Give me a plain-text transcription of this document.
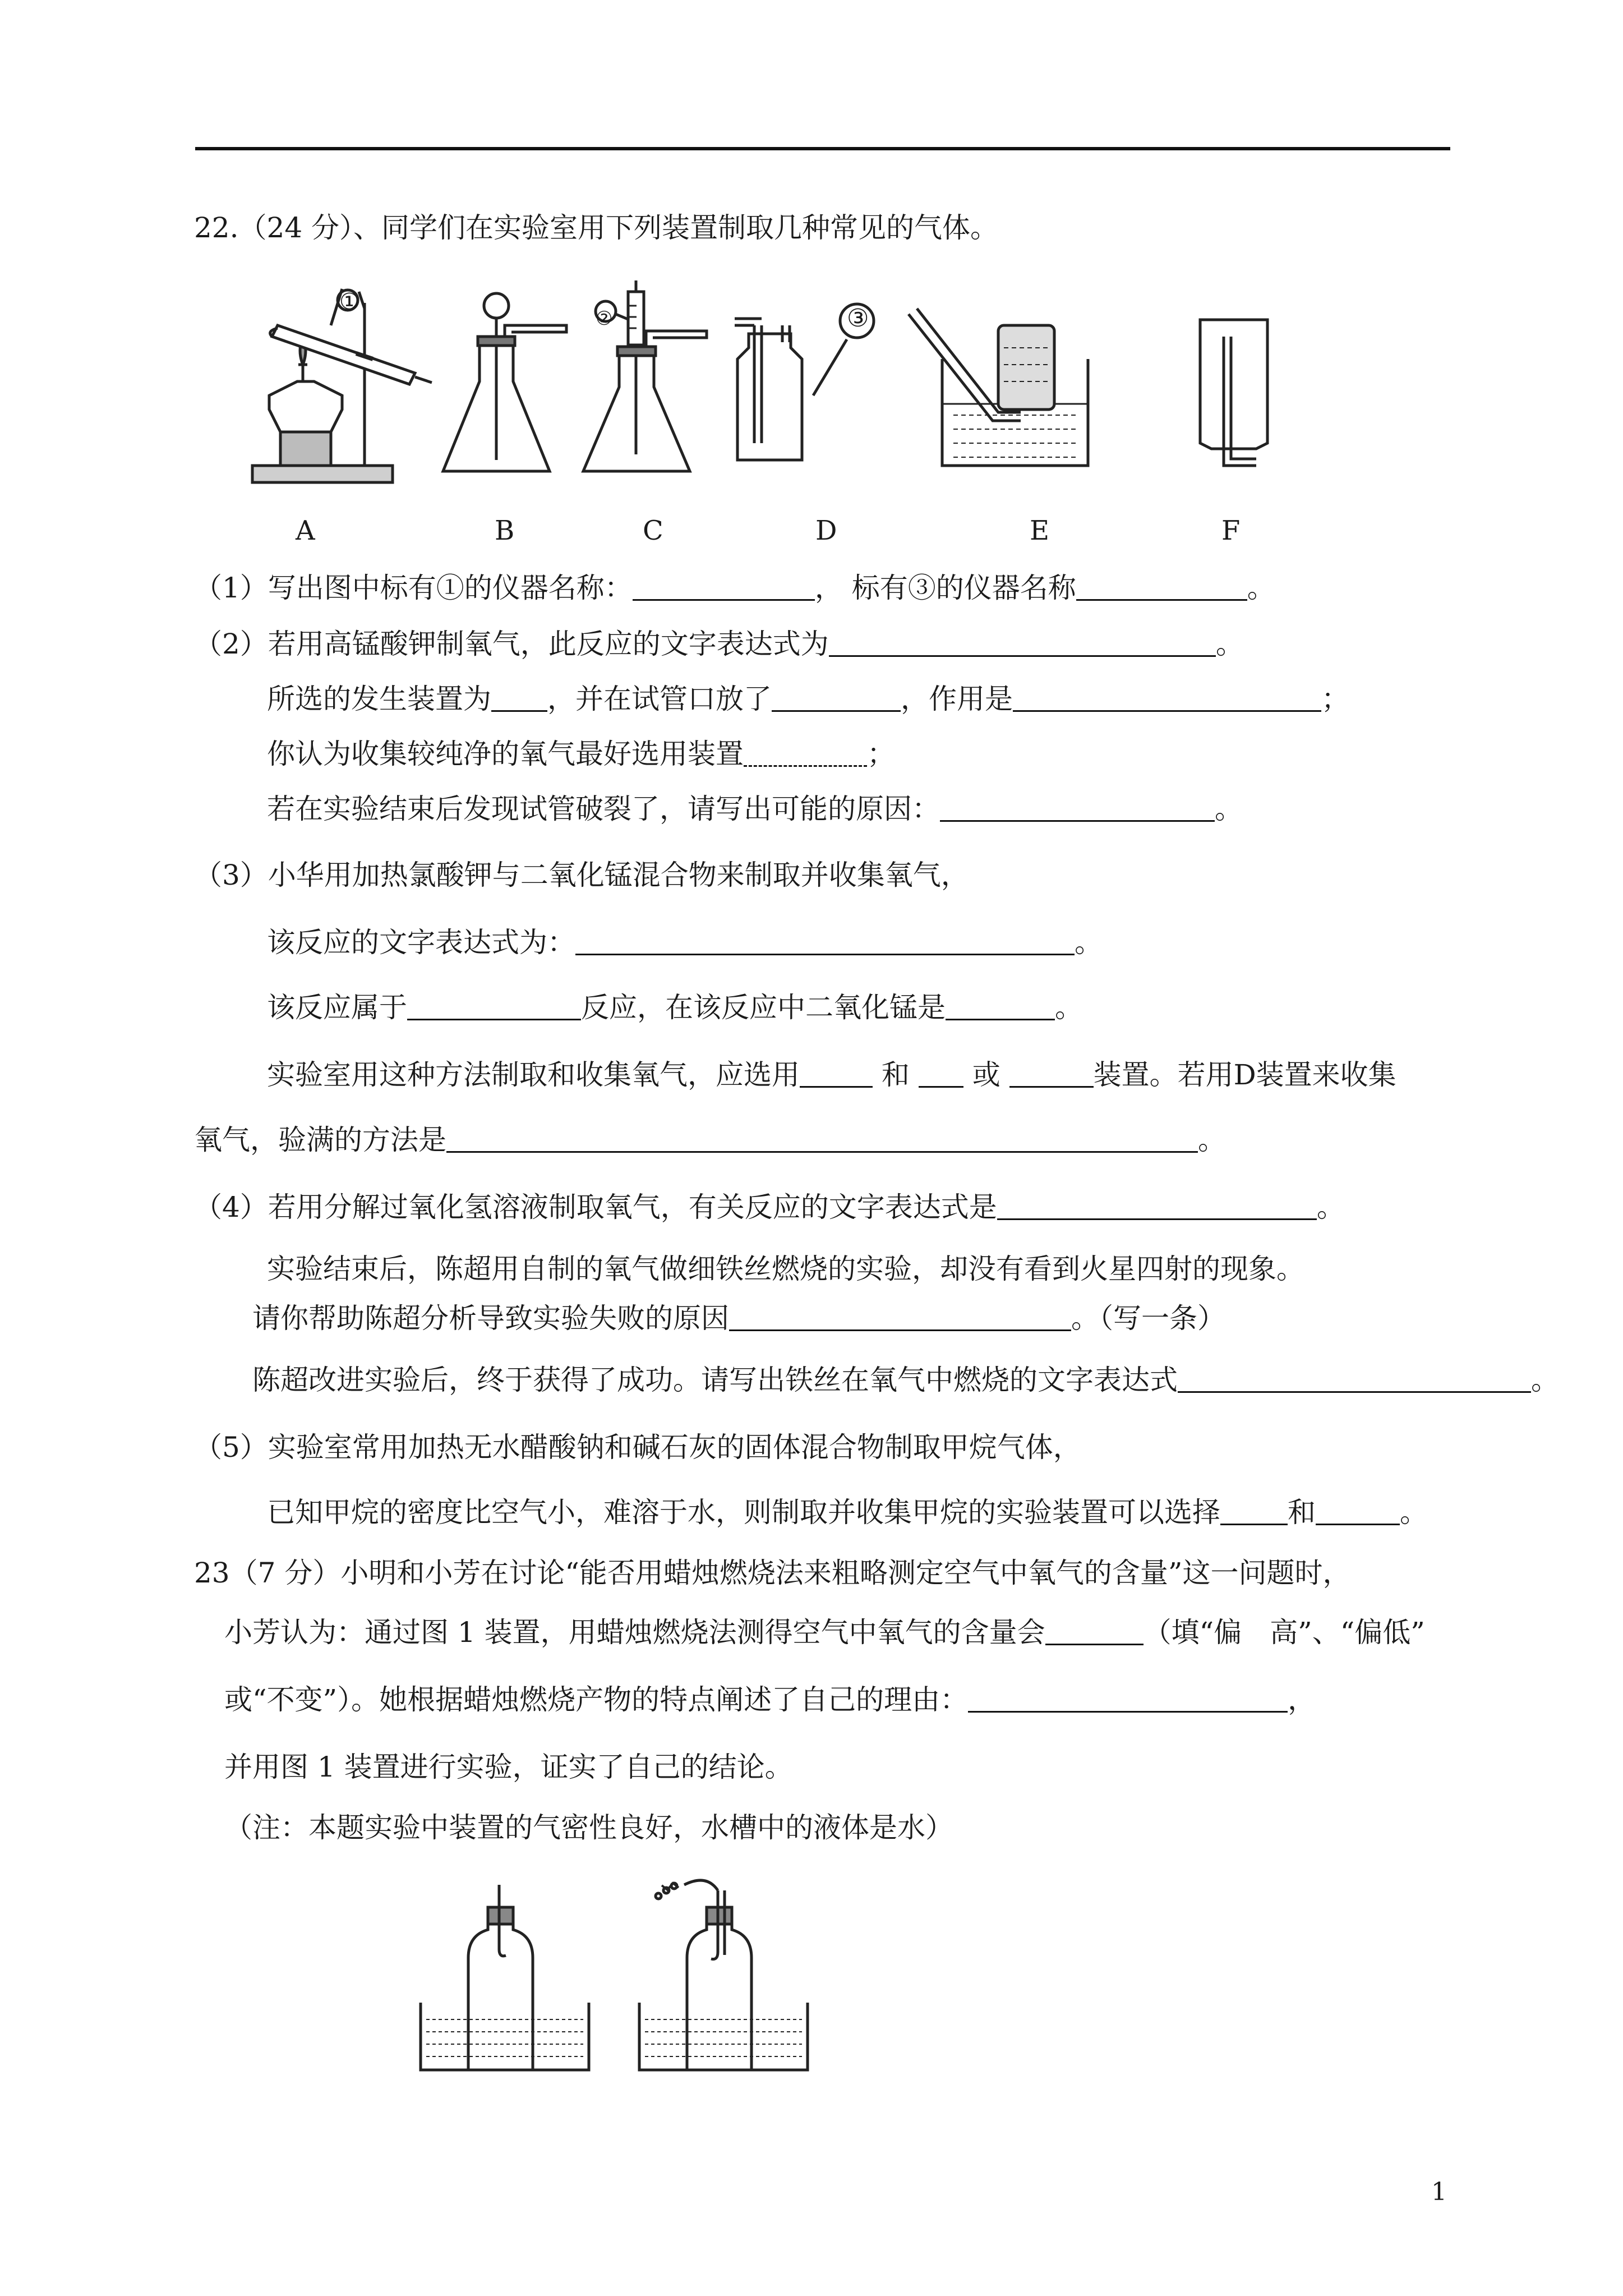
22.（24 分）、同学们在实验室用下列装置制取几种常见的气体。
①
②	③
A	B	C	D	E	F
（1）写出图中标有①的仪器名称：	， 标有③的仪器名称	。
（2）若用高锰酸钾制氧气，此反应的文字表达式为	。
所选的发生装置为 ，并在试管口放了	，作用是	；
你认为收集较纯净的氧气最好选用装置	；
若在实验结束后发现试管破裂了，请写出可能的原因：	。
（3）小华用加热氯酸钾与二氧化锰混合物来制取并收集氧气，
该反应的文字表达式为：	。
该反应属于	反应，在该反应中二氧化锰是	。
实验室用这种方法制取和收集氧气，应选用	和  或	装置。若用D装置来收集
氧气，验满的方法是	。
（4）若用分解过氧化氢溶液制取氧气，有关反应的文字表达式是	。
实验结束后，陈超用自制的氧气做细铁丝燃烧的实验，却没有看到火星四射的现象。
请你帮助陈超分析导致实验失败的原因	。（写一条）
陈超改进实验后，终于获得了成功。请写出铁丝在氧气中燃烧的文字表达式	。
（5）实验室常用加热无水醋酸钠和碱石灰的固体混合物制取甲烷气体，
已知甲烷的密度比空气小，难溶于水，则制取并收集甲烷的实验装置可以选择 和	。
23（7 分）小明和小芳在讨论“能否用蜡烛燃烧法来粗略测定空气中氧气的含量”这一问题时，
小芳认为：通过图 1 装置，用蜡烛燃烧法测得空气中氧气的含量会	（填“偏　高”、“偏低”
或“不变”）。她根据蜡烛燃烧产物的特点阐述了自己的理由：	，
并用图 1 装置进行实验，证实了自己的结论。
（注：本题实验中装置的气密性良好，水槽中的液体是水）
1
